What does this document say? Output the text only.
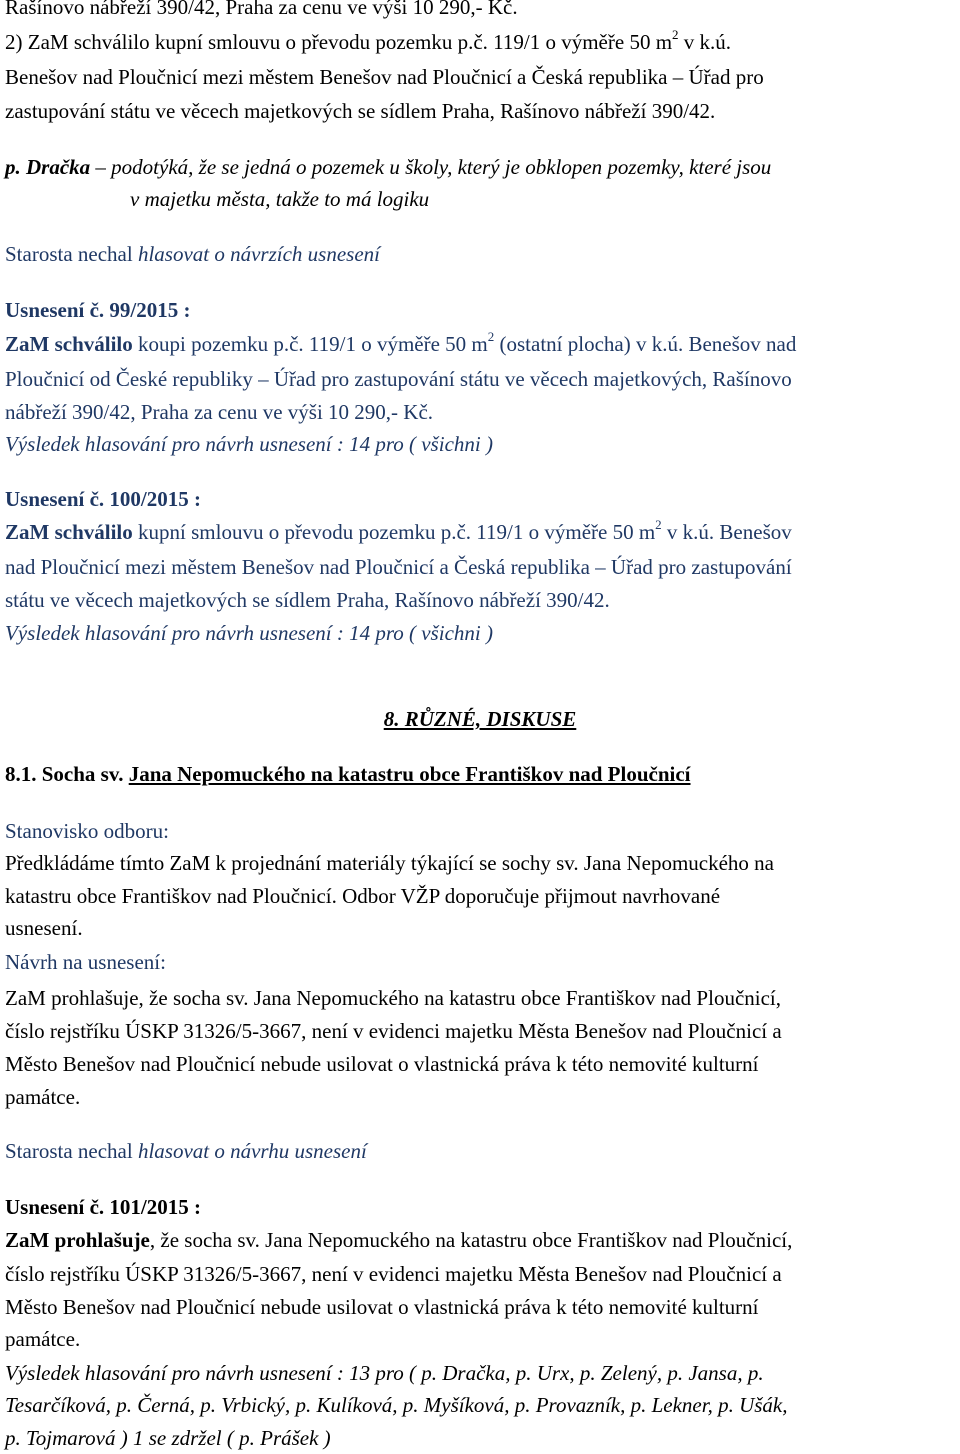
Rašínovo nábřeží 390/42, Praha za cenu ve výši 10 290,- Kč.
2) ZaM schválilo kupní smlouvu o převodu pozemku p.č. 119/1 o výměře 50 $m^2$ v k.ú.
Benešov nad Ploučnicí mezi městem Benešov nad Ploučnicí a Česká republika – Úřad pro
zastupování státu ve věcech majetkových se sídlem Praha, Rašínovo nábřeží 390/42.
p. Dračka – podotýká, že se jedná o pozemek u školy, který je obklopen pozemky, které jsou
v majetku města, takže to má logiku
Starosta nechal hlasovat o návrzích usnesení
Usnesení č. 99/2015 :
ZaM schválilo koupi pozemku p.č. 119/1 o výměře 50 $m^2$ (ostatní plocha) v k.ú. Benešov nad
Ploučnicí od České republiky – Úřad pro zastupování státu ve věcech majetkových, Rašínovo
nábřeží 390/42, Praha za cenu ve výši 10 290,- Kč.
Výsledek hlasování pro návrh usnesení : 14 pro ( všichni )
Usnesení č. 100/2015 :
ZaM schválilo kupní smlouvu o převodu pozemku p.č. 119/1 o výměře 50 $m^2$ v k.ú. Benešov
nad Ploučnicí mezi městem Benešov nad Ploučnicí a Česká republika – Úřad pro zastupování
státu ve věcech majetkových se sídlem Praha, Rašínovo nábřeží 390/42.
Výsledek hlasování pro návrh usnesení : 14 pro ( všichni )
8. RŮZNÉ, DISKUSE
8.1. Socha sv. Jana Nepomuckého na katastru obce Františkov nad Ploučnicí
Stanovisko odboru:
Předkládáme tímto ZaM k projednání materiály týkající se sochy sv. Jana Nepomuckého na
katastru obce Františkov nad Ploučnicí. Odbor VŽP doporučuje přijmout navrhované
usnesení.
Návrh na usnesení:
ZaM prohlašuje, že socha sv. Jana Nepomuckého na katastru obce Františkov nad Ploučnicí,
číslo rejstříku ÚSKP 31326/5-3667, není v evidenci majetku Města Benešov nad Ploučnicí a
Město Benešov nad Ploučnicí nebude usilovat o vlastnická práva k této nemovité kulturní
památce.
Starosta nechal hlasovat o návrhu usnesení
Usnesení č. 101/2015 :
ZaM prohlašuje, že socha sv. Jana Nepomuckého na katastru obce Františkov nad Ploučnicí,
číslo rejstříku ÚSKP 31326/5-3667, není v evidenci majetku Města Benešov nad Ploučnicí a
Město Benešov nad Ploučnicí nebude usilovat o vlastnická práva k této nemovité kulturní
památce.
Výsledek hlasování pro návrh usnesení : 13 pro ( p. Dračka, p. Urx, p. Zelený, p. Jansa, p.
Tesarčíková, p. Černá, p. Vrbický, p. Kulíková, p. Myšíková, p. Provazník, p. Lekner, p. Ušák,
p. Tojmarová ) 1 se zdržel ( p. Prášek )
